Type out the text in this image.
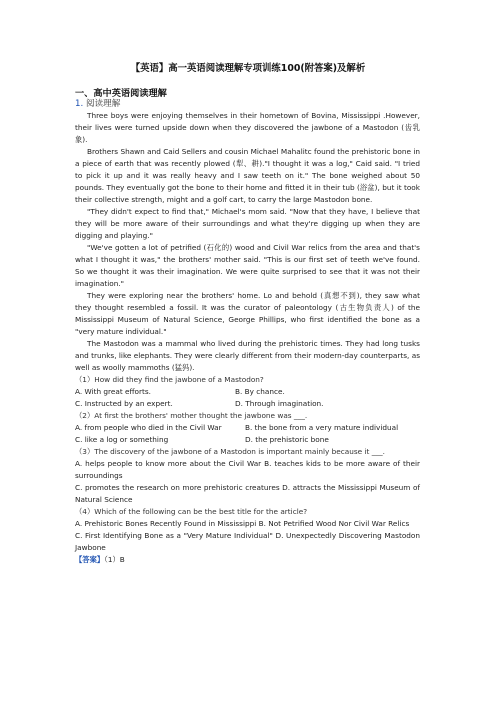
【英语】高一英语阅读理解专项训练100(附答案)及解析
一、高中英语阅读理解
1. 阅读理解

Three boys were enjoying themselves in their hometown of Bovina, Mississippi .However, their lives were turned upside down when they discovered the jawbone of a Mastodon (齿乳象).

Brothers Shawn and Caid Sellers and cousin Michael Mahalitc found the prehistoric bone in a piece of earth that was recently plowed (犁、耕)."I thought it was a log," Caid said. "I tried to pick it up and it was really heavy and I saw teeth on it." The bone weighed about 50 pounds. They eventually got the bone to their home and fitted it in their tub (浴盆), but it took their collective strength, might and a golf cart, to carry the large Mastodon bone.

"They didn't expect to find that," Michael's mom said. "Now that they have, I believe that they will be more aware of their surroundings and what they're digging up when they are digging and playing."

"We've gotten a lot of petrified (石化的) wood and Civil War relics from the area and that's what I thought it was," the brothers' mother said. "This is our first set of teeth we've found. So we thought it was their imagination. We were quite surprised to see that it was not their imagination."

They were exploring near the brothers' home. Lo and behold (真想不到), they saw what they thought resembled a fossil. It was the curator of paleontology (古生物负责人) of the Mississippi Museum of Natural Science, George Phillips, who first identified the bone as a "very mature individual."

The Mastodon was a mammal who lived during the prehistoric times. They had long tusks and trunks, like elephants. They were clearly different from their modern-day counterparts, as well as woolly mammoths (猛犸).

（1）How did they find the jawbone of a Mastodon?

A. With great efforts.	B. By chance.
C. Instructed by an expert.	D. Through imagination.

（2）At first the brothers' mother thought the jawbone was ___.

A. from people who died in the Civil War	B. the bone from a very mature individual
C. like a log or something	D. the prehistoric bone

（3）The discovery of the jawbone of a Mastodon is important mainly because it ___.

A. helps people to know more about the Civil War B. teaches kids to be more aware of their surroundings

C. promotes the research on more prehistoric creatures D. attracts the Mississippi Museum of Natural Science

（4）Which of the following can be the best title for the article?

A. Prehistoric Bones Recently Found in Mississippi B. Not Petrified Wood Nor Civil War Relics

C. First Identifying Bone as a "Very Mature Individual" D. Unexpectedly Discovering Mastodon Jawbone

【答案】（1）B
